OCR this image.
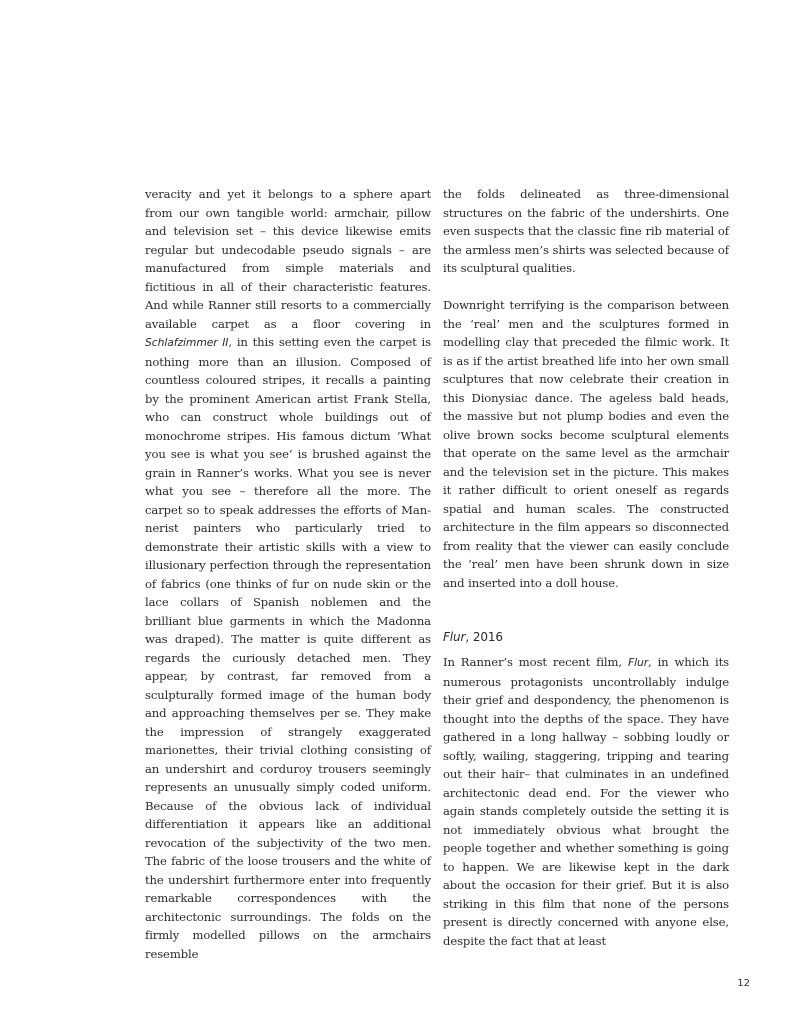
veracity and yet it belongs to a sphere apart from our own tangible world: armchair, pillow and television set – this device likewise emits regular but undecodable pseudo signals – are manufactured from simple materials and fictitious in all of their characteristic features. And while Ranner still resorts to a commercially available carpet as a floor covering in Schlafzimmer II, in this setting even the carpet is nothing more than an illusion. Composed of countless coloured stripes, it recalls a painting by the prominent American artist Frank Stella, who can construct whole buildings out of monochrome stripes. His famous dictum ‘What you see is what you see’ is brushed against the grain in Ranner’s works. What you see is never what you see – therefore all the more. The carpet so to speak addresses the efforts of Mannerist painters who particularly tried to demonstrate their artistic skills with a view to illusionary perfection through the representation of fabrics (one thinks of fur on nude skin or the lace collars of Spanish noblemen and the brilliant blue garments in which the Madonna was draped). The matter is quite different as regards the curiously detached men. They appear, by contrast, far removed from a sculpturally formed image of the human body and approaching themselves per se. They make the impression of strangely exaggerated marionettes, their trivial clothing consisting of an undershirt and corduroy trousers seemingly represents an unusually simply coded uniform. Because of the obvious lack of individual differentiation it appears like an additional revocation of the subjectivity of the two men. The fabric of the loose trousers and the white of the undershirt furthermore enter into frequently remarkable correspondences with the architectonic surroundings. The folds on the firmly modelled pillows on the armchairs resemble

the folds delineated as three-dimensional structures on the fabric of the undershirts. One even suspects that the classic fine rib material of the armless men’s shirts was selected because of its sculptural qualities.

Downright terrifying is the comparison between the ‘real’ men and the sculptures formed in modelling clay that preceded the filmic work. It is as if the artist breathed life into her own small sculptures that now celebrate their creation in this Dionysiac dance. The ageless bald heads, the massive but not plump bodies and even the olive brown socks become sculptural elements that operate on the same level as the armchair and the television set in the picture. This makes it rather difficult to orient oneself as regards spatial and human scales. The constructed architecture in the film appears so disconnected from reality that the viewer can easily conclude the ‘real’ men have been shrunk down in size and inserted into a doll house.

Flur, 2016

In Ranner’s most recent film, Flur, in which its numerous protagonists uncontrollably indulge their grief and despondency, the phenomenon is thought into the depths of the space. They have gathered in a long hallway – sobbing loudly or softly, wailing, staggering, tripping and tearing out their hair– that culminates in an undefined architectonic dead end. For the viewer who again stands completely outside the setting it is not immediately obvious what brought the people together and whether something is going to happen. We are likewise kept in the dark about the occasion for their grief. But it is also striking in this film that none of the persons present is directly concerned with anyone else, despite the fact that at least

12
